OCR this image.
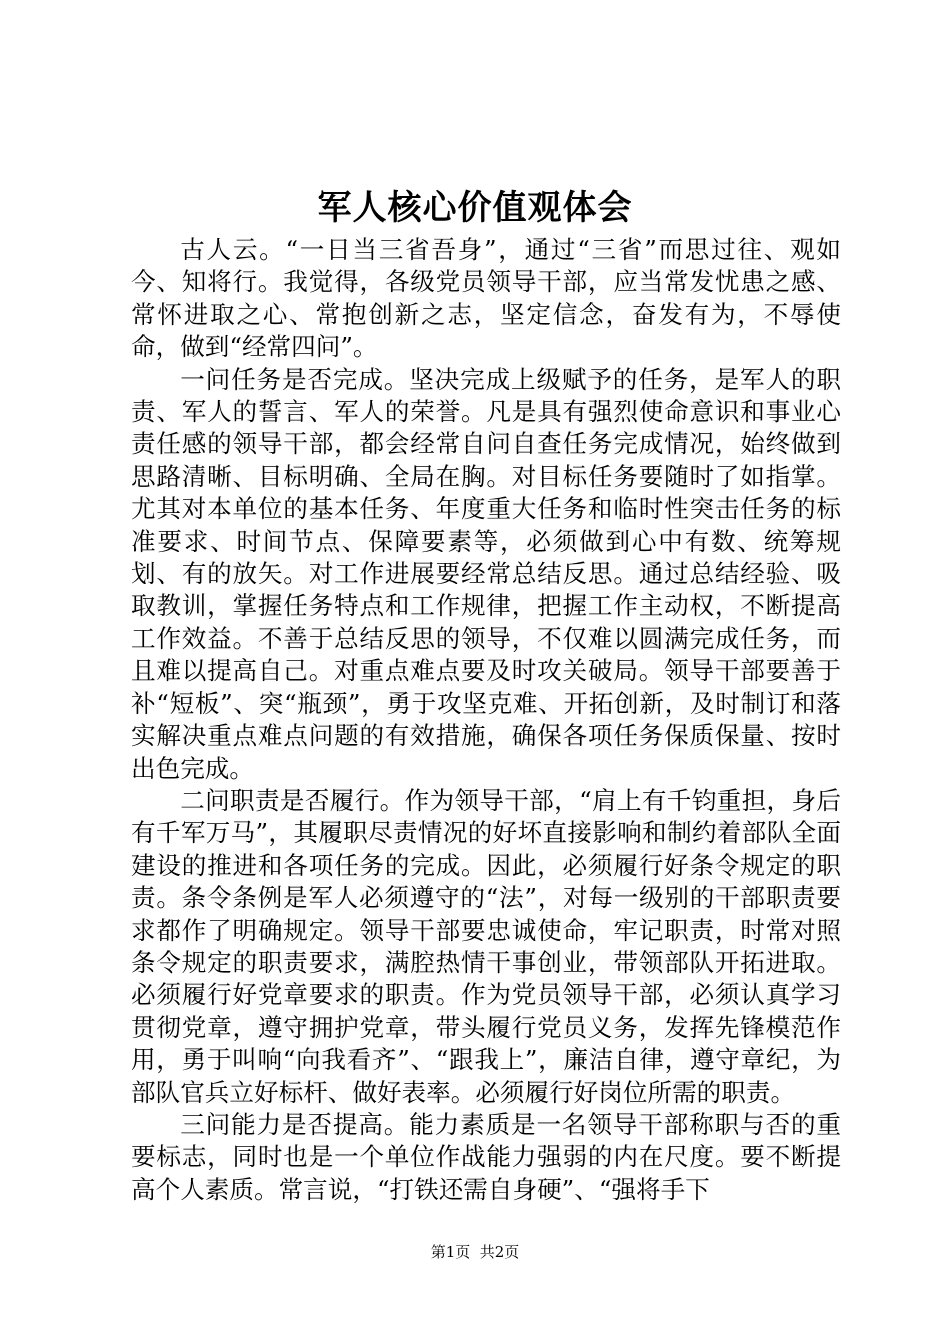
军人核心价值观体会

古人云。“一日当三省吾身”，通过“三省”而思过往、观如今、知将行。我觉得，各级党员领导干部，应当常发忧患之感、常怀进取之心、常抱创新之志，坚定信念，奋发有为，不辱使命，做到“经常四问”。

一问任务是否完成。坚决完成上级赋予的任务，是军人的职责、军人的誓言、军人的荣誉。凡是具有强烈使命意识和事业心责任感的领导干部，都会经常自问自查任务完成情况，始终做到思路清晰、目标明确、全局在胸。对目标任务要随时了如指掌。尤其对本单位的基本任务、年度重大任务和临时性突击任务的标准要求、时间节点、保障要素等，必须做到心中有数、统筹规划、有的放矢。对工作进展要经常总结反思。通过总结经验、吸取教训，掌握任务特点和工作规律，把握工作主动权，不断提高工作效益。不善于总结反思的领导，不仅难以圆满完成任务，而且难以提高自己。对重点难点要及时攻关破局。领导干部要善于补“短板”、突“瓶颈”，勇于攻坚克难、开拓创新，及时制订和落实解决重点难点问题的有效措施，确保各项任务保质保量、按时出色完成。

二问职责是否履行。作为领导干部，“肩上有千钧重担，身后有千军万马”，其履职尽责情况的好坏直接影响和制约着部队全面建设的推进和各项任务的完成。因此，必须履行好条令规定的职责。条令条例是军人必须遵守的“法”，对每一级别的干部职责要求都作了明确规定。领导干部要忠诚使命，牢记职责，时常对照条令规定的职责要求，满腔热情干事创业，带领部队开拓进取。必须履行好党章要求的职责。作为党员领导干部，必须认真学习贯彻党章，遵守拥护党章，带头履行党员义务，发挥先锋模范作用，勇于叫响“向我看齐”、“跟我上”，廉洁自律，遵守章纪，为部队官兵立好标杆、做好表率。必须履行好岗位所需的职责。

三问能力是否提高。能力素质是一名领导干部称职与否的重要标志，同时也是一个单位作战能力强弱的内在尺度。要不断提高个人素质。常言说，“打铁还需自身硬”、“强将手下

第1页  共2页
